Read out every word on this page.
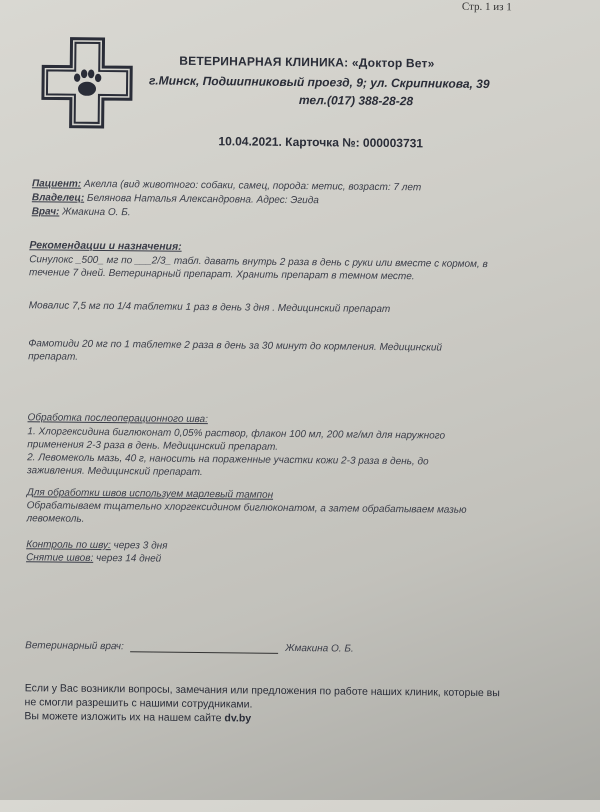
Стр. 1 из 1
ВЕТЕРИНАРНАЯ КЛИНИКА: «Доктор Вет»
г.Минск, Подшипниковый проезд, 9; ул. Скрипникова, 39
тел.(017) 388-28-28
10.04.2021. Карточка №: 000003731
Пациент: Акелла (вид животного: собаки, самец, порода: метис, возраст: 7 лет
Владелец: Белянова Наталья Александровна. Адрес: Эгида
Врач: Жмакина О. Б.
Рекомендации и назначения:
Синулокс _500_ мг по ___2/3_ табл. давать внутрь 2 раза в день с руки или вместе с кормом, в
течение 7 дней. Ветеринарный препарат. Хранить препарат в темном месте.
Мовалис 7,5 мг по 1/4 таблетки 1 раз в день 3 дня . Медицинский препарат
Фамотиди 20 мг по 1 таблетке 2 раза в день за 30 минут до кормления. Медицинский
препарат.
Обработка послеоперационного шва:
1. Хлоргексидина биглюконат 0,05% раствор, флакон 100 мл, 200 мг/мл для наружного
применения 2-3 раза в день. Медицинский препарат.
2. Левомеколь мазь, 40 г, наносить на пораженные участки кожи 2-3 раза в день, до
заживления. Медицинский препарат.
Для обработки швов используем марлевый тампон
Обрабатываем тщательно хлоргексидином биглюконатом, а затем обрабатываем мазью
левомеколь.
Контроль по шву: через 3 дня
Снятие швов: через 14 дней
Ветеринарный врач:	Жмакина О. Б.
Если у Вас возникли вопросы, замечания или предложения по работе наших клиник, которые вы
не смогли разрешить с нашими сотрудниками.
Вы можете изложить их на нашем сайте dv.by
